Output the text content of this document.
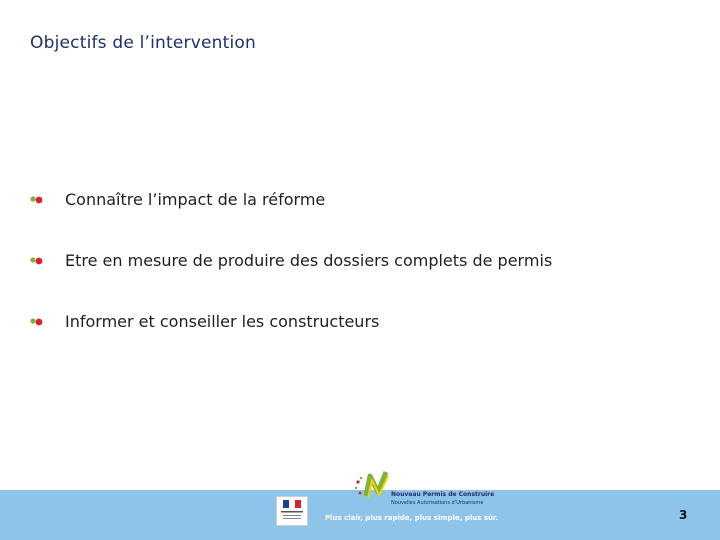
Objectifs de l’intervention
Connaître l’impact de la réforme
Etre en mesure de produire des dossiers complets de permis
Informer et conseiller les constructeurs
Nouveau Permis de Construire
Nouvelles Autorisations d’Urbanisme
Plus clair, plus rapide, plus simple, plus sûr.	3
